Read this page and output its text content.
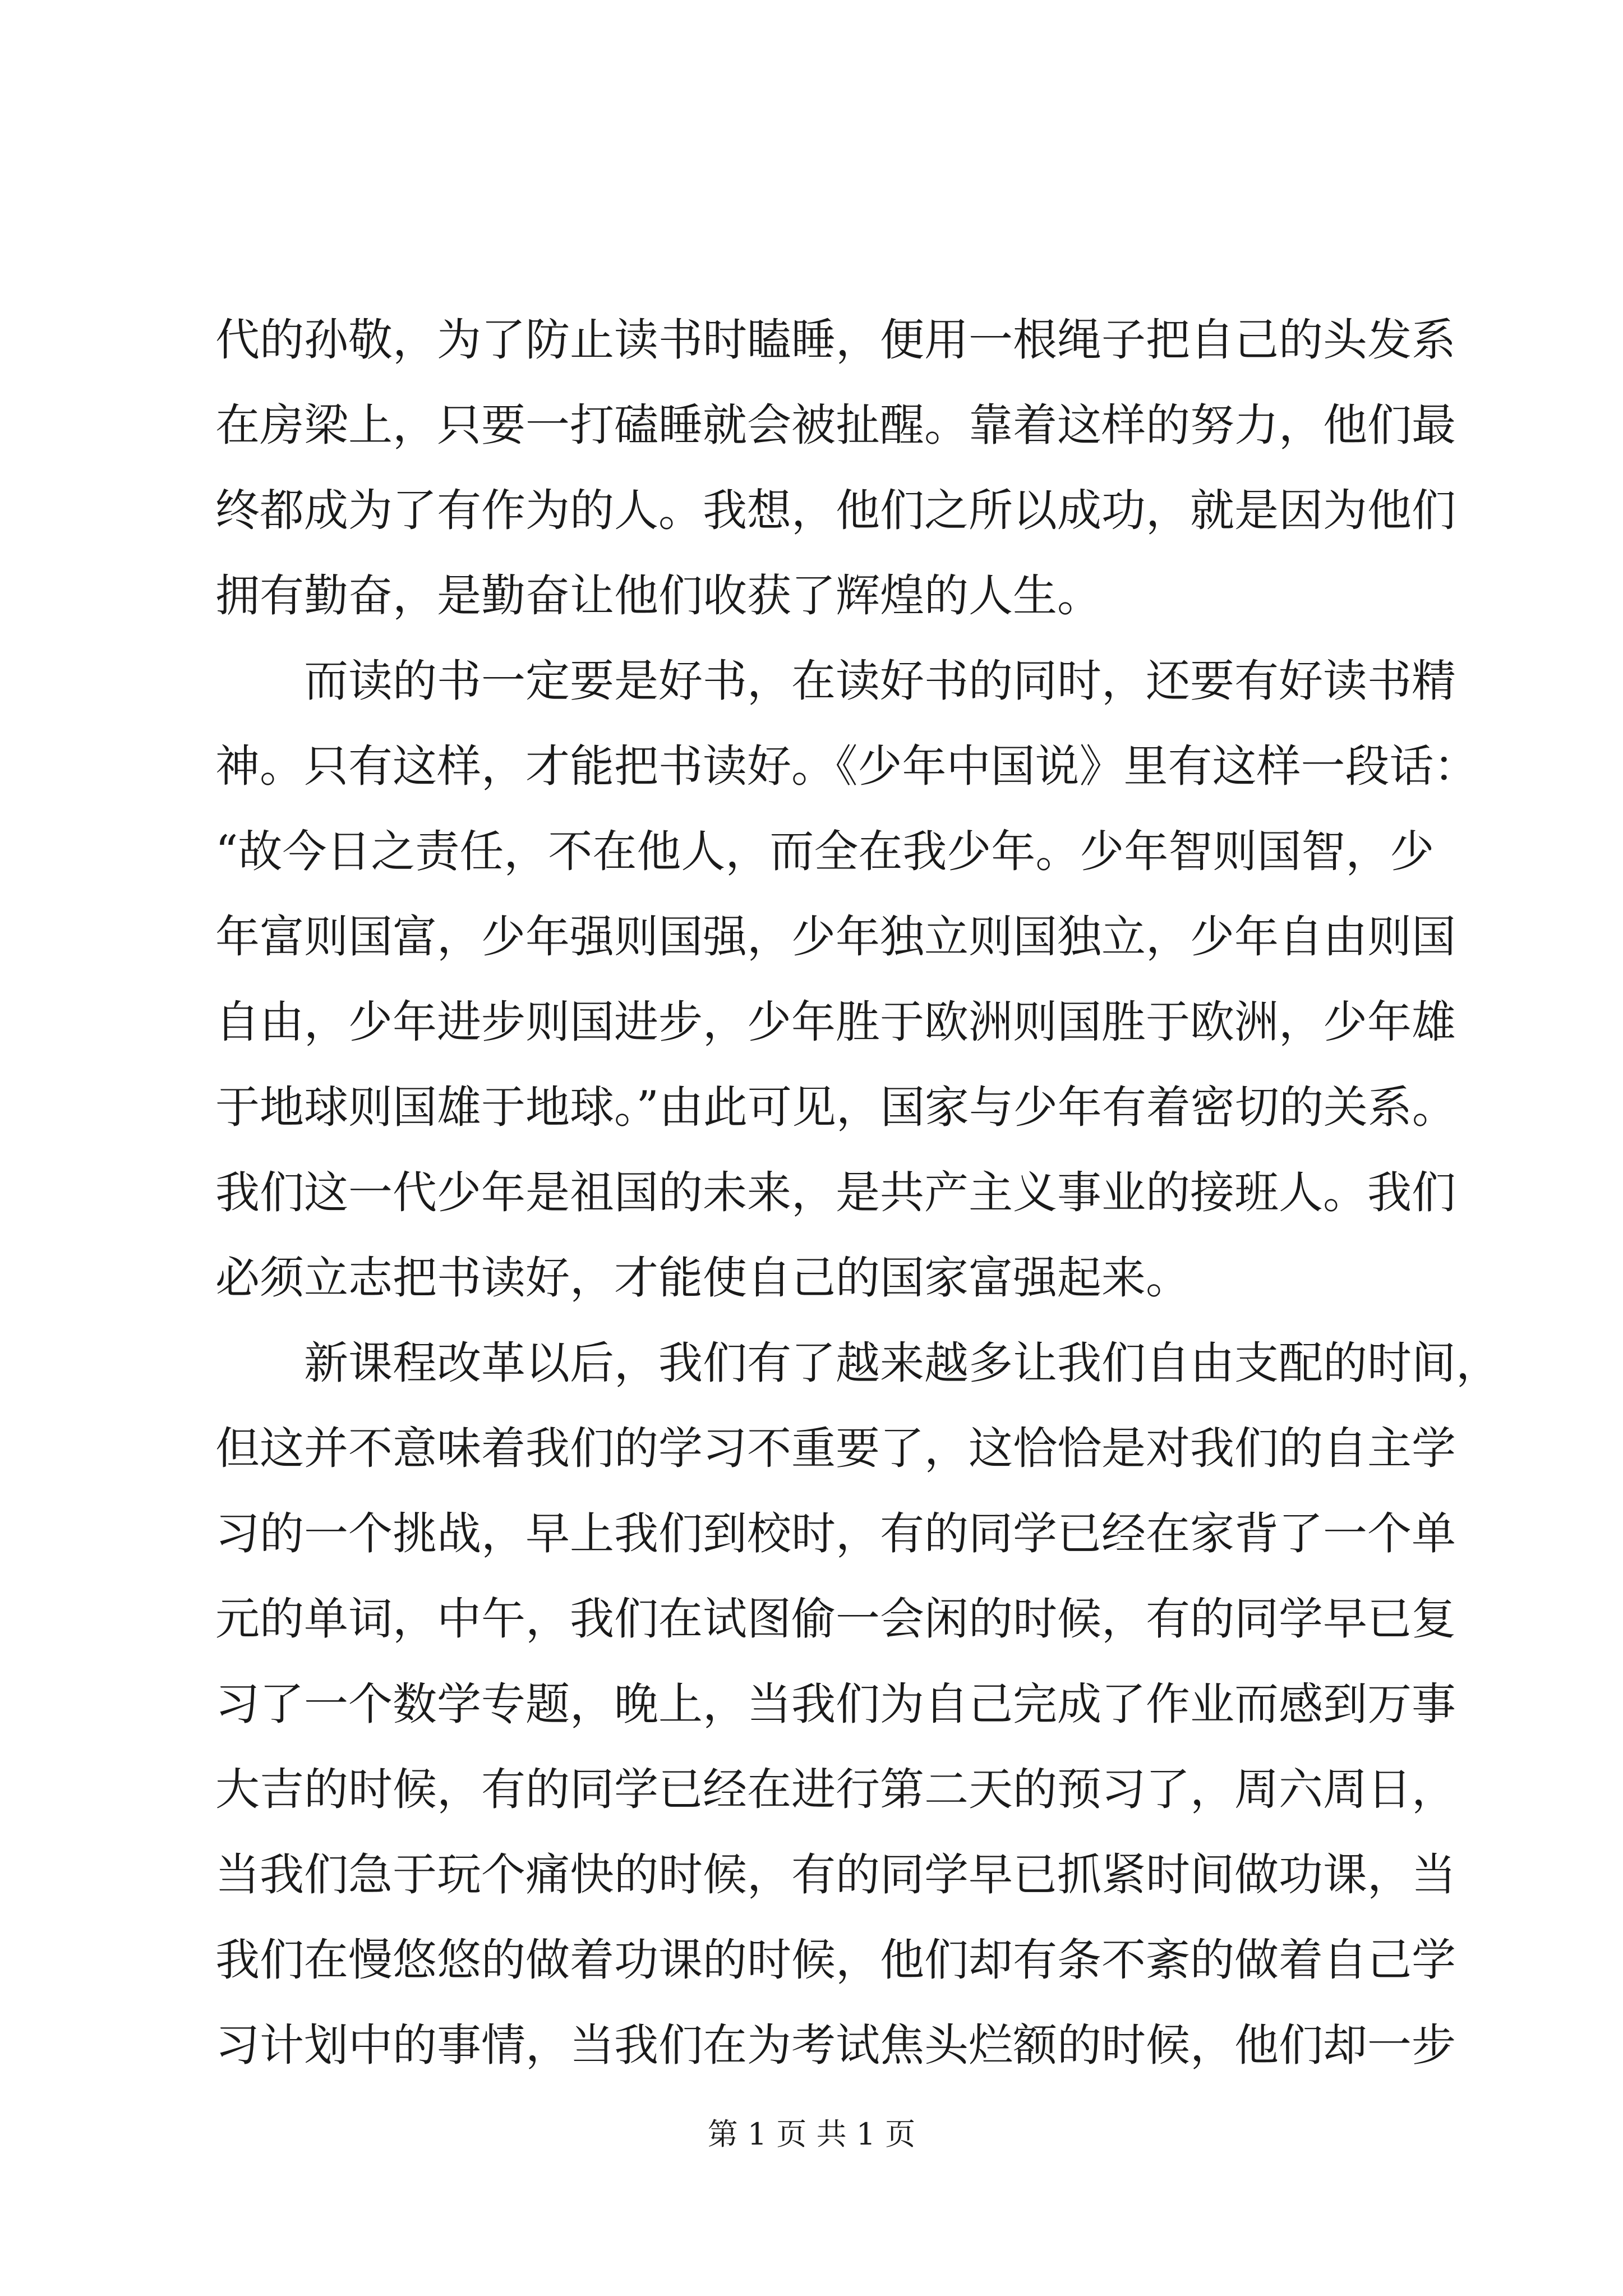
代的孙敬，为了防止读书时瞌睡，便用一根绳子把自己的头发系
在房梁上，只要一打磕睡就会被扯醒。靠着这样的努力，他们最
终都成为了有作为的人。我想，他们之所以成功，就是因为他们
拥有勤奋，是勤奋让他们收获了辉煌的人生。
而读的书一定要是好书，在读好书的同时，还要有好读书精
神。只有这样，才能把书读好。《少年中国说》里有这样一段话：
“故今日之责任，不在他人，而全在我少年。少年智则国智，少
年富则国富，少年强则国强，少年独立则国独立，少年自由则国
自由，少年进步则国进步，少年胜于欧洲则国胜于欧洲，少年雄
于地球则国雄于地球。”由此可见，国家与少年有着密切的关系。
我们这一代少年是祖国的未来，是共产主义事业的接班人。我们
必须立志把书读好，才能使自己的国家富强起来。
新课程改革以后，我们有了越来越多让我们自由支配的时间，
但这并不意味着我们的学习不重要了，这恰恰是对我们的自主学
习的一个挑战，早上我们到校时，有的同学已经在家背了一个单
元的单词，中午，我们在试图偷一会闲的时候，有的同学早已复
习了一个数学专题，晚上，当我们为自己完成了作业而感到万事
大吉的时候，有的同学已经在进行第二天的预习了，周六周日，
当我们急于玩个痛快的时候，有的同学早已抓紧时间做功课，当
我们在慢悠悠的做着功课的时候，他们却有条不紊的做着自己学
习计划中的事情，当我们在为考试焦头烂额的时候，他们却一步
第 1 页 共 1 页
